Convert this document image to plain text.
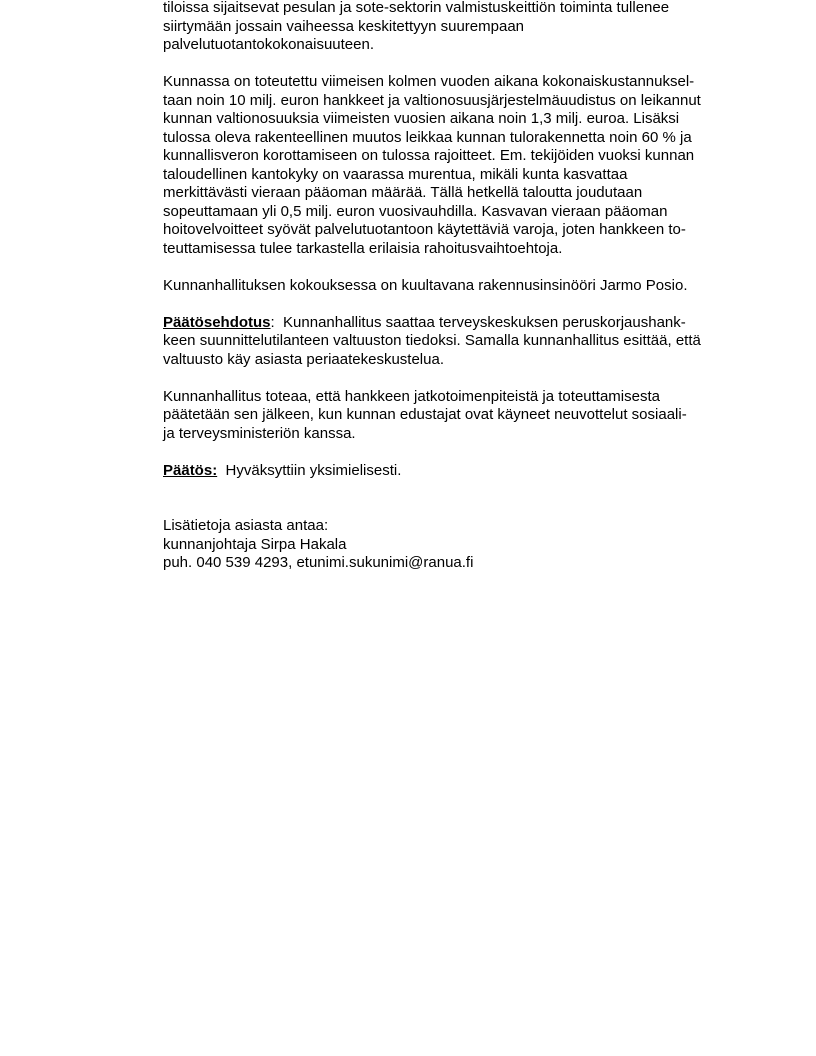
tiloissa sijaitsevat pesulan ja sote-sektorin valmistuskeittiön toiminta tullenee
siirtymään jossain vaiheessa keskitettyyn suurempaan
palvelutuotantokokonaisuuteen.

Kunnassa on toteutettu viimeisen kolmen vuoden aikana kokonaiskustannuksel-
taan noin 10 milj. euron hankkeet ja valtionosuusjärjestelmäuudistus on leikannut
kunnan valtionosuuksia viimeisten vuosien aikana noin 1,3 milj. euroa. Lisäksi
tulossa oleva rakenteellinen muutos leikkaa kunnan tulorakennetta noin 60 % ja
kunnallisveron korottamiseen on tulossa rajoitteet. Em. tekijöiden vuoksi kunnan
taloudellinen kantokyky on vaarassa murentua, mikäli kunta kasvattaa
merkittävästi vieraan pääoman määrää. Tällä hetkellä taloutta joudutaan
sopeuttamaan yli 0,5 milj. euron vuosivauhdilla. Kasvavan vieraan pääoman
hoitovelvoitteet syövät palvelutuotantoon käytettäviä varoja, joten hankkeen to-
teuttamisessa tulee tarkastella erilaisia rahoitusvaihtoehtoja.

Kunnanhallituksen kokouksessa on kuultavana rakennusinsinööri Jarmo Posio.

Päätösehdotus:  Kunnanhallitus saattaa terveyskeskuksen peruskorjaushank-
keen suunnittelutilanteen valtuuston tiedoksi. Samalla kunnanhallitus esittää, että
valtuusto käy asiasta periaatekeskustelua.

Kunnanhallitus toteaa, että hankkeen jatkotoimenpiteistä ja toteuttamisesta
päätetään sen jälkeen, kun kunnan edustajat ovat käyneet neuvottelut sosiaali-
ja terveysministeriön kanssa.

Päätös: Hyväksyttiin yksimielisesti.

Lisätietoja asiasta antaa:
kunnanjohtaja Sirpa Hakala
puh. 040 539 4293, etunimi.sukunimi@ranua.fi
